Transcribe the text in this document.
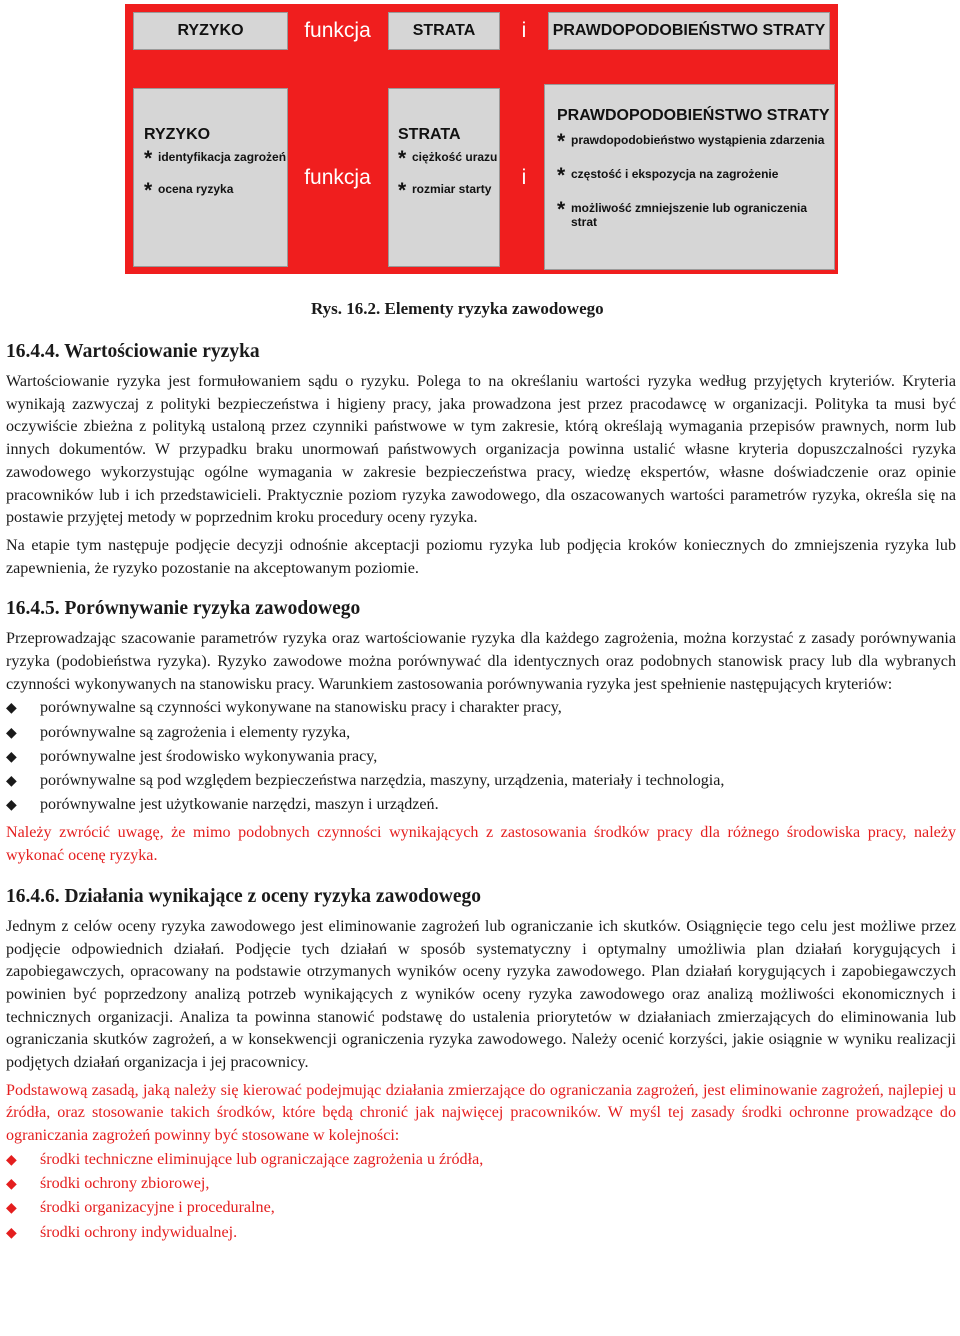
RYZYKO	funkcja	STRATA	i	PRAWDOPODOBIEŃSTWO STRATY
RYZYKO
* identyfikacja zagrożeń
* ocena ryzyka
funkcja
STRATA
* ciężkość urazu
* rozmiar starty
i
PRAWDOPODOBIEŃSTWO STRATY
* prawdopodobieństwo wystąpienia zdarzenia
* częstość i ekspozycja na zagrożenie
* możliwość zmniejszenie lub ograniczenia strat
Rys. 16.2. Elementy ryzyka zawodowego
16.4.4. Wartościowanie ryzyka

Wartościowanie ryzyka jest formułowaniem sądu o ryzyku. Polega to na określaniu wartości ryzyka według przyjętych kryteriów. Kryteria wynikają zazwyczaj z polityki bezpieczeństwa i higieny pracy, jaka prowadzona jest przez pracodawcę w organizacji. Polityka ta musi być oczywiście zbieżna z polityką ustaloną przez czynniki państwowe w tym zakresie, którą określają wymagania przepisów prawnych, norm lub innych dokumentów. W przypadku braku unormowań państwowych organizacja powinna ustalić własne kryteria dopuszczalności ryzyka zawodowego wykorzystując ogólne wymagania w zakresie bezpieczeństwa pracy, wiedzę ekspertów, własne doświadczenie oraz opinie pracowników lub i ich przedstawicieli. Praktycznie poziom ryzyka zawodowego, dla oszacowanych wartości parametrów ryzyka, określa się na postawie przyjętej metody w poprzednim kroku procedury oceny ryzyka.

Na etapie tym następuje podjęcie decyzji odnośnie akceptacji poziomu ryzyka lub podjęcia kroków koniecznych do zmniejszenia ryzyka lub zapewnienia, że ryzyko pozostanie na akceptowanym poziomie.

16.4.5. Porównywanie ryzyka zawodowego

Przeprowadzając szacowanie parametrów ryzyka oraz wartościowanie ryzyka dla każdego zagrożenia, można korzystać z zasady porównywania ryzyka (podobieństwa ryzyka). Ryzyko zawodowe można porównywać dla identycznych oraz podobnych stanowisk pracy lub dla wybranych czynności wykonywanych na stanowisku pracy. Warunkiem zastosowania porównywania ryzyka jest spełnienie następujących kryteriów:

◆ porównywalne są czynności wykonywane na stanowisku pracy i charakter pracy,
◆ porównywalne są zagrożenia i elementy ryzyka,
◆ porównywalne jest środowisko wykonywania pracy,
◆ porównywalne są pod względem bezpieczeństwa narzędzia, maszyny, urządzenia, materiały i technologia,
◆ porównywalne jest użytkowanie narzędzi, maszyn i urządzeń.

Należy zwrócić uwagę, że mimo podobnych czynności wynikających z zastosowania środków pracy dla różnego środowiska pracy, należy wykonać ocenę ryzyka.

16.4.6. Działania wynikające z oceny ryzyka zawodowego

Jednym z celów oceny ryzyka zawodowego jest eliminowanie zagrożeń lub ograniczanie ich skutków. Osiągnięcie tego celu jest możliwe przez podjęcie odpowiednich działań. Podjęcie tych działań w sposób systematyczny i optymalny umożliwia plan działań korygujących i zapobiegawczych, opracowany na podstawie otrzymanych wyników oceny ryzyka zawodowego. Plan działań korygujących i zapobiegawczych powinien być poprzedzony analizą potrzeb wynikających z wyników oceny ryzyka zawodowego oraz analizą możliwości ekonomicznych i technicznych organizacji. Analiza ta powinna stanowić podstawę do ustalenia priorytetów w działaniach zmierzających do eliminowania lub ograniczania skutków zagrożeń, a w konsekwencji ograniczenia ryzyka zawodowego. Należy ocenić korzyści, jakie osiągnie w wyniku realizacji podjętych działań organizacja i jej pracownicy.

Podstawową zasadą, jaką należy się kierować podejmując działania zmierzające do ograniczania zagrożeń, jest eliminowanie zagrożeń, najlepiej u źródła, oraz stosowanie takich środków, które będą chronić jak najwięcej pracowników. W myśl tej zasady środki ochronne prowadzące do ograniczania zagrożeń powinny być stosowane w kolejności:

◆ środki techniczne eliminujące lub ograniczające zagrożenia u źródła,
◆ środki ochrony zbiorowej,
◆ środki organizacyjne i proceduralne,
◆ środki ochrony indywidualnej.
